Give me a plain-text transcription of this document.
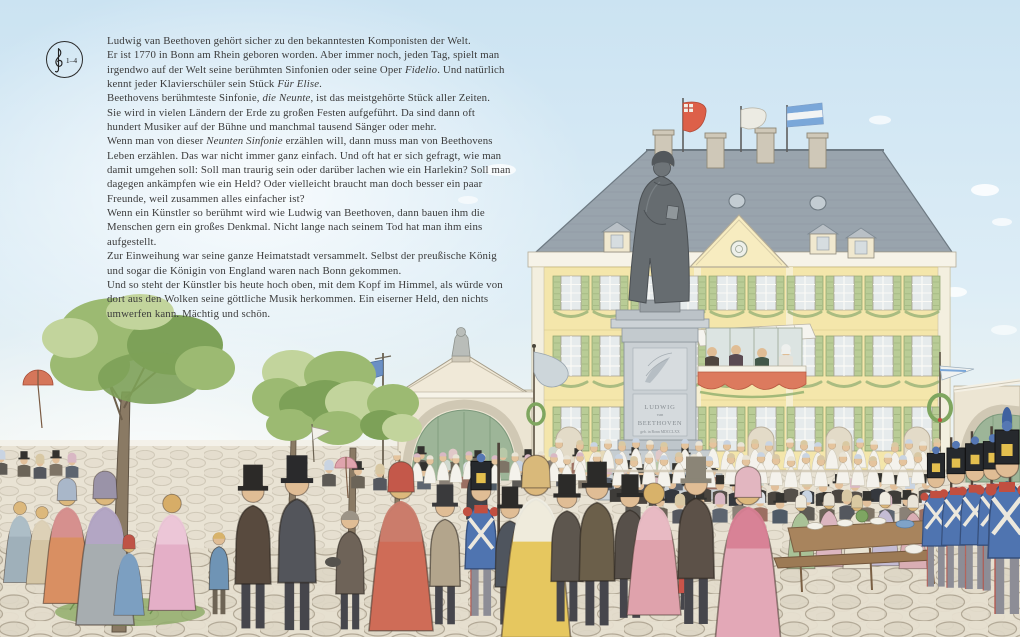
LUDWIG
van
BEETHOVEN
geb. in Bonn MDCCLXX
1–4
Ludwig van Beethoven gehört sicher zu den bekanntesten Komponisten der Welt.
Er ist 1770 in Bonn am Rhein geboren worden. Aber immer noch, jeden Tag, spielt man
irgendwo auf der Welt seine berühmten Sinfonien oder seine Oper Fidelio. Und natürlich
kennt jeder Klavierschüler sein Stück Für Elise.
Beethovens berühmteste Sinfonie, die Neunte, ist das meistgehörte Stück aller Zeiten.
Sie wird in vielen Ländern der Erde zu großen Festen aufgeführt. Da sind dann oft
hundert Musiker auf der Bühne und manchmal tausend Sänger oder mehr.
Wenn man von dieser Neunten Sinfonie erzählen will, dann muss man von Beethovens
Leben erzählen. Das war nicht immer ganz einfach. Und oft hat er sich gefragt, wie man
damit umgehen soll: Soll man traurig sein oder darüber lachen wie ein Harlekin? Soll man
dagegen ankämpfen wie ein Held? Oder vielleicht braucht man doch besser ein paar
Freunde, weil zusammen alles einfacher ist?
Wenn ein Künstler so berühmt wird wie Ludwig van Beethoven, dann bauen ihm die
Menschen gern ein großes Denkmal. Nicht lange nach seinem Tod hat man ihm eins
aufgestellt.
Zur Einweihung war seine ganze Heimatstadt versammelt. Selbst der preußische König
und sogar die Königin von England waren nach Bonn gekommen.
Und so steht der Künstler bis heute hoch oben, mit dem Kopf im Himmel, als würde von
dort aus den Wolken seine göttliche Musik herkommen. Ein eiserner Held, den nichts
umwerfen kann. Mächtig und schön.
